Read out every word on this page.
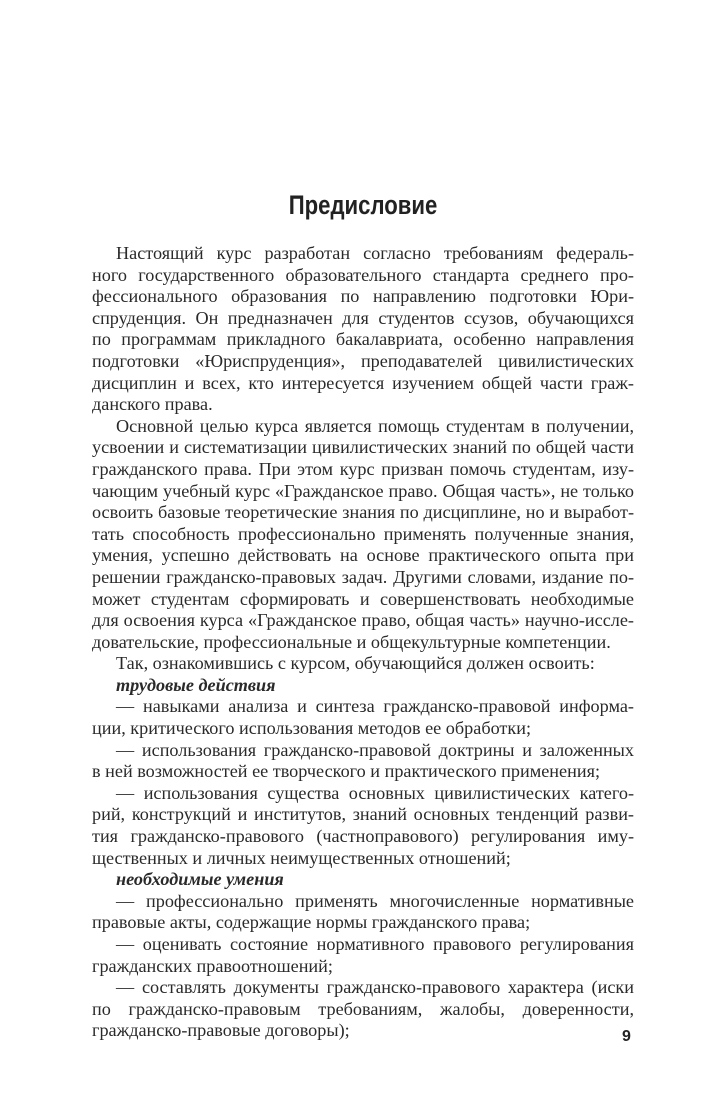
Предисловие
Настоящий курс разработан согласно требованиям федераль-
ного государственного образовательного стандарта среднего про-
фессионального образования по направлению подготовки Юри-
спруденция. Он предназначен для студентов ссузов, обучающихся
по программам прикладного бакалавриата, особенно направления
подготовки «Юриспруденция», преподавателей цивилистических
дисциплин и всех, кто интересуется изучением общей части граж-
данского права.
Основной целью курса является помощь студентам в получении,
усвоении и систематизации цивилистических знаний по общей части
гражданского права. При этом курс призван помочь студентам, изу-
чающим учебный курс «Гражданское право. Общая часть», не только
освоить базовые теоретические знания по дисциплине, но и выработ-
тать способность профессионально применять полученные знания,
умения, успешно действовать на основе практического опыта при
решении гражданско-правовых задач. Другими словами, издание по-
может студентам сформировать и совершенствовать необходимые
для освоения курса «Гражданское право, общая часть» научно-иссле-
довательские, профессиональные и общекультурные компетенции.
Так, ознакомившись с курсом, обучающийся должен освоить:
трудовые действия
— навыками анализа и синтеза гражданско-правовой информа-
ции, критического использования методов ее обработки;
— использования гражданско-правовой доктрины и заложенных
в ней возможностей ее творческого и практического применения;
— использования существа основных цивилистических катего-
рий, конструкций и институтов, знаний основных тенденций разви-
тия гражданско-правового (частноправового) регулирования иму-
щественных и личных неимущественных отношений;
необходимые умения
— профессионально применять многочисленные нормативные
правовые акты, содержащие нормы гражданского права;
— оценивать состояние нормативного правового регулирования
гражданских правоотношений;
— составлять документы гражданско-правового характера (иски
по гражданско-правовым требованиям, жалобы, доверенности,
гражданско-правовые договоры);	9
